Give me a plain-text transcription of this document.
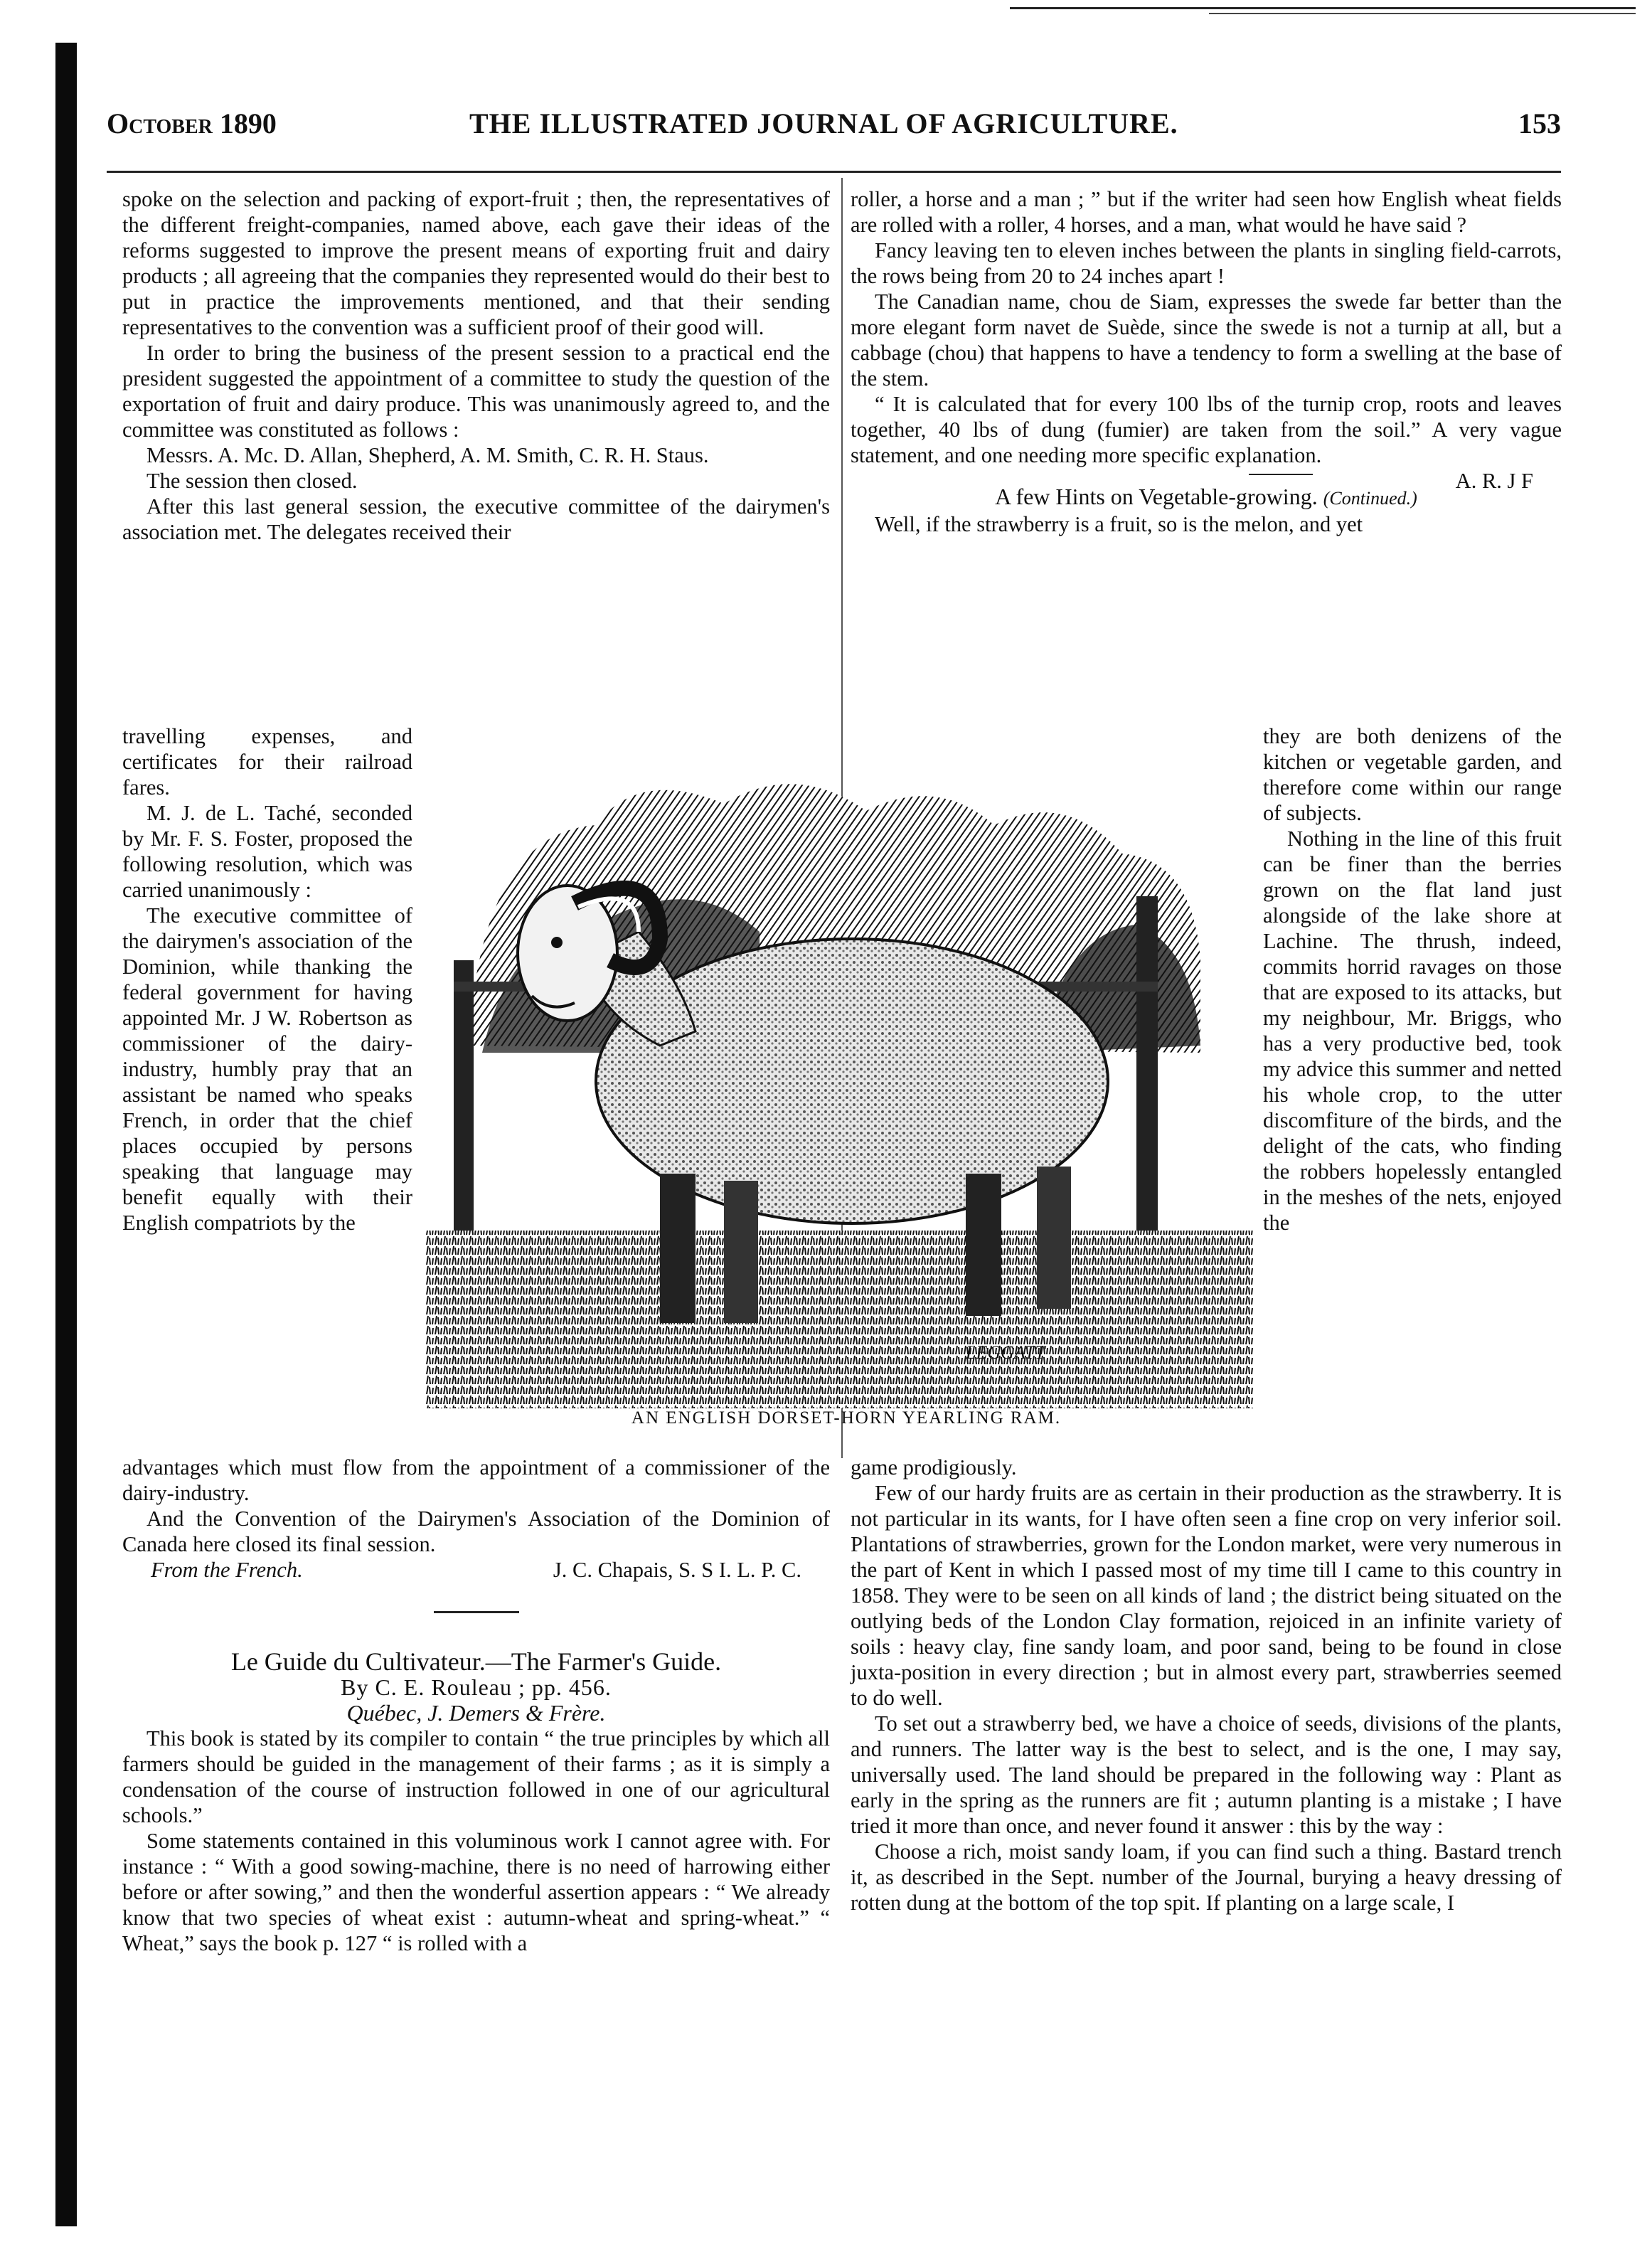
October 1890	THE ILLUSTRATED JOURNAL OF AGRICULTURE.	153

spoke on the selection and packing of export-fruit ; then, the representatives of the different freight-companies, named above, each gave their ideas of the reforms suggested to improve the present means of exporting fruit and dairy products ; all agreeing that the companies they represented would do their best to put in practice the improvements mentioned, and that their sending representatives to the convention was a sufficient proof of their good will.

In order to bring the business of the present session to a practical end the president suggested the appointment of a committee to study the question of the exportation of fruit and dairy produce. This was unanimously agreed to, and the committee was constituted as follows :

Messrs. A. Mc. D. Allan, Shepherd, A. M. Smith, C. R. H. Staus.

The session then closed.

After this last general session, the executive committee of the dairymen's association met. The delegates received their

roller, a horse and a man ; ” but if the writer had seen how English wheat fields are rolled with a roller, 4 horses, and a man, what would he have said ?

Fancy leaving ten to eleven inches between the plants in singling field-carrots, the rows being from 20 to 24 inches apart !

The Canadian name, chou de Siam, expresses the swede far better than the more elegant form navet de Suède, since the swede is not a turnip at all, but a cabbage (chou) that happens to have a tendency to form a swelling at the base of the stem.

“ It is calculated that for every 100 lbs of the turnip crop, roots and leaves together, 40 lbs of dung (fumier) are taken from the soil.” A very vague statement, and one needing more specific explanation.

A. R. J F

A few Hints on Vegetable-growing. (Continued.)

Well, if the strawberry is a fruit, so is the melon, and yet

travelling expenses, and certificates for their railroad fares.

M. J. de L. Taché, seconded by Mr. F. S. Foster, proposed the following resolution, which was carried unanimously :

The executive committee of the dairymen's association of the Dominion, while thanking the federal government for having appointed Mr. J W. Robertson as commissioner of the dairy-industry, humbly pray that an assistant be named who speaks French, in order that the chief places occupied by persons speaking that language may benefit equally with their English compatriots by the

LEGGATT
AN ENGLISH DORSET-HORN YEARLING RAM.

they are both denizens of the kitchen or vegetable garden, and therefore come within our range of subjects.

Nothing in the line of this fruit can be finer than the berries grown on the flat land just alongside of the lake shore at Lachine. The thrush, indeed, commits horrid ravages on those that are exposed to its attacks, but my neighbour, Mr. Briggs, who has a very productive bed, took my advice this summer and netted his whole crop, to the utter discomfiture of the birds, and the delight of the cats, who finding the robbers hopelessly entangled in the meshes of the nets, enjoyed the

advantages which must flow from the appointment of a commissioner of the dairy-industry.

And the Convention of the Dairymen's Association of the Dominion of Canada here closed its final session.

From the French.	J. C. Chapais, S. S I. L. P. C.

Le Guide du Cultivateur.—The Farmer's Guide.

By C. E. Rouleau ; pp. 456.

Québec, J. Demers & Frère.

This book is stated by its compiler to contain “ the true principles by which all farmers should be guided in the management of their farms ; as it is simply a condensation of the course of instruction followed in one of our agricultural schools.”

Some statements contained in this voluminous work I cannot agree with. For instance : “ With a good sowing-machine, there is no need of harrowing either before or after sowing,” and then the wonderful assertion appears : “ We already know that two species of wheat exist : autumn-wheat and spring-wheat.” “ Wheat,” says the book p. 127 “ is rolled with a

game prodigiously.

Few of our hardy fruits are as certain in their production as the strawberry. It is not particular in its wants, for I have often seen a fine crop on very inferior soil. Plantations of strawberries, grown for the London market, were very numerous in the part of Kent in which I passed most of my time till I came to this country in 1858. They were to be seen on all kinds of land ; the district being situated on the outlying beds of the London Clay formation, rejoiced in an infinite variety of soils : heavy clay, fine sandy loam, and poor sand, being to be found in close juxta-position in every direction ; but in almost every part, strawberries seemed to do well.

To set out a strawberry bed, we have a choice of seeds, divisions of the plants, and runners. The latter way is the best to select, and is the one, I may say, universally used. The land should be prepared in the following way : Plant as early in the spring as the runners are fit ; autumn planting is a mistake ; I have tried it more than once, and never found it answer : this by the way :

Choose a rich, moist sandy loam, if you can find such a thing. Bastard trench it, as described in the Sept. number of the Journal, burying a heavy dressing of rotten dung at the bottom of the top spit. If planting on a large scale, I
